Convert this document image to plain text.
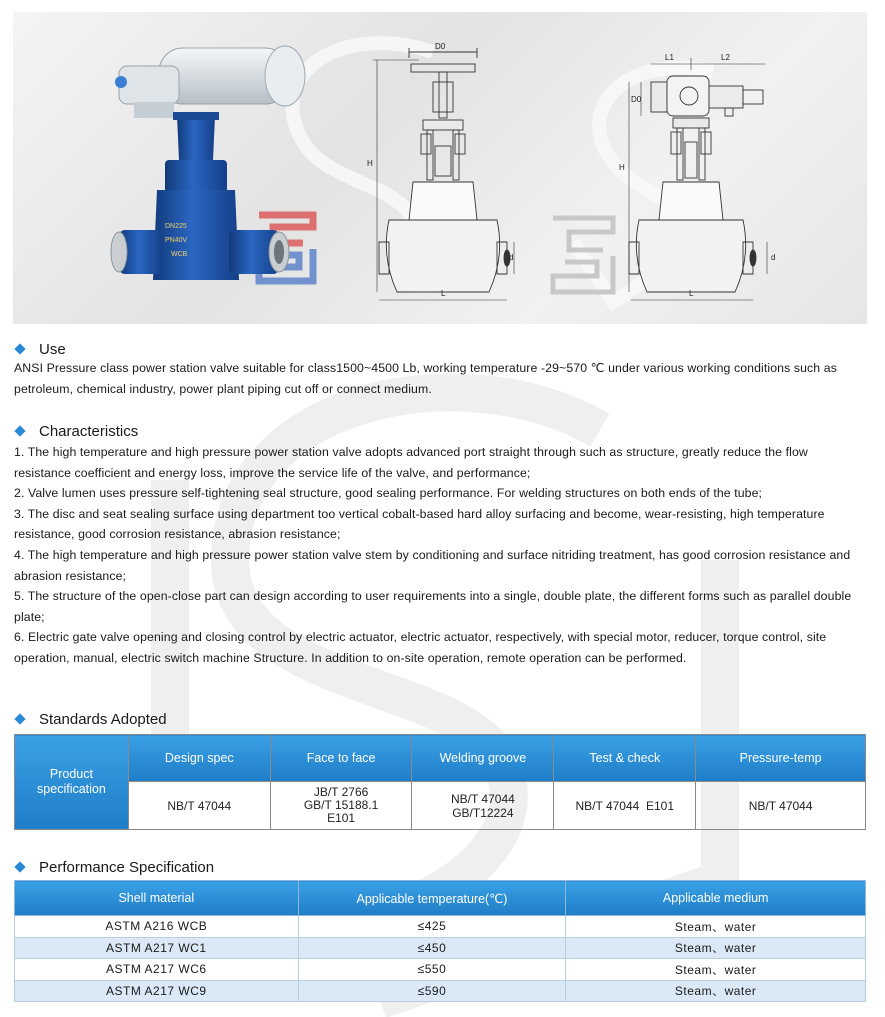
DN225
PN40V
WCB
D0
H
d
L
L1	L2
D0
H
d
L
Use

ANSI Pressure class power station valve suitable for class1500~4500 Lb, working temperature -29~570 ℃ under various working conditions such as petroleum, chemical industry, power plant piping cut off or connect medium.

Characteristics

1. The high temperature and high pressure power station valve adopts advanced port straight through such as structure, greatly reduce the flow resistance coefficient and energy loss, improve the service life of the valve, and performance;

2. Valve lumen uses pressure self-tightening seal structure, good sealing performance. For welding structures on both ends of the tube;

3. The disc and seat sealing surface using department too vertical cobalt-based hard alloy surfacing and become, wear-resisting, high temperature resistance, good corrosion resistance, abrasion resistance;

4. The high temperature and high pressure power station valve stem by conditioning and surface nitriding treatment, has good corrosion resistance and abrasion resistance;

5. The structure of the open-close part can design according to user requirements into a single, double plate, the different forms such as parallel double plate;

6. Electric gate valve opening and closing control by electric actuator, electric actuator, respectively, with special motor, reducer, torque control, site operation, manual, electric switch machine Structure. In addition to on-site operation, remote operation can be performed.

Standards Adopted
Product
specification	Design spec	Face to face	Welding groove	Test & check	Pressure-temp
	NB/T 47044	JB/T 2766
GB/T 15188.1
E101	NB/T 47044
GB/T12224	NB/T 47044  E101	NB/T 47044
Performance Specification
Shell material	Applicable temperature(℃)	Applicable medium
ASTM A216 WCB	≤425	Steam、water
ASTM A217 WC1	≤450	Steam、water
ASTM A217 WC6	≤550	Steam、water
ASTM A217 WC9	≤590	Steam、water
